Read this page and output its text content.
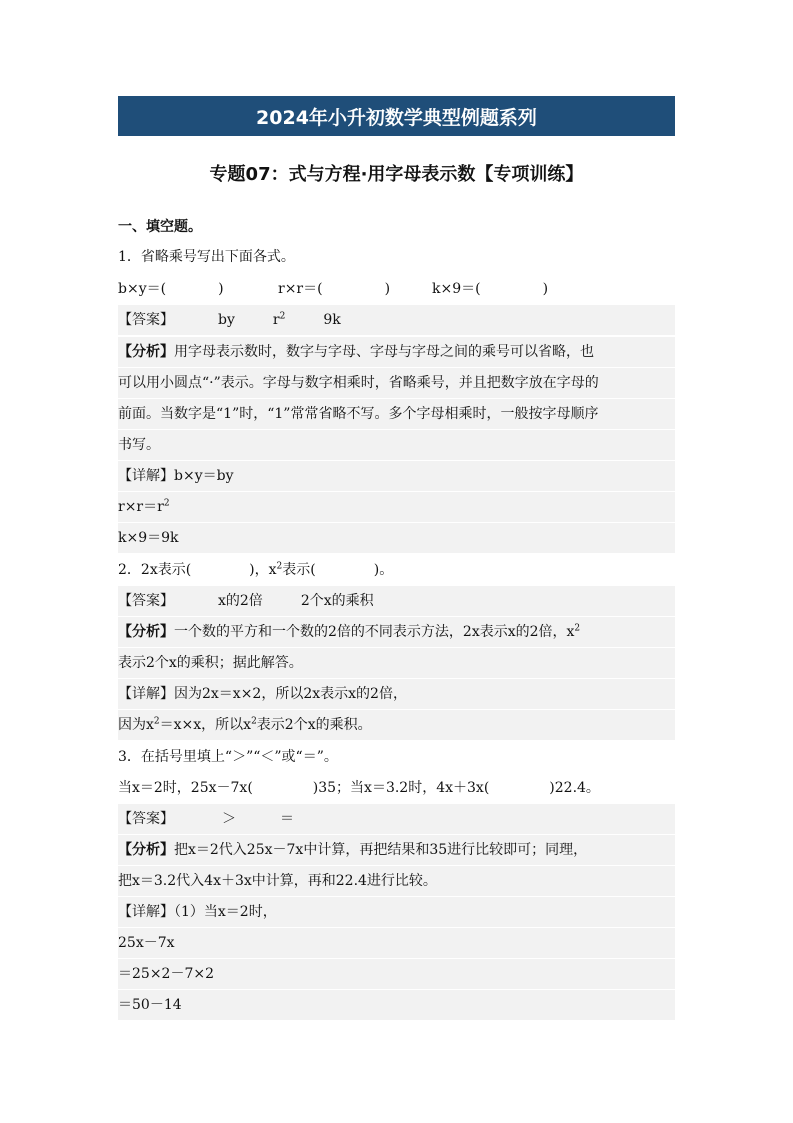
2024年小升初数学典型例题系列
专题07：式与方程·用字母表示数【专项训练】
一、填空题。
1．省略乘号写出下面各式。
b×y＝(	)	r×r＝(	)	k×9＝(	)
【答案】	by	$r^2$	9k
【分析】用字母表示数时，数字与字母、字母与字母之间的乘号可以省略，也
可以用小圆点“·”表示。字母与数字相乘时，省略乘号，并且把数字放在字母的
前面。当数字是“1”时，“1”常常省略不写。多个字母相乘时，一般按字母顺序
书写。
【详解】b×y＝by
$r\times r=r^2$
k×9＝9k
2．2x表示(	)，$x^2$表示(	)。
【答案】	x的2倍	2个x的乘积
【分析】一个数的平方和一个数的2倍的不同表示方法，2x表示x的2倍，$x^2$
表示2个x的乘积；据此解答。
【详解】因为2x＝x×2，所以2x表示x的2倍，
因为$x^2=x\times x$，所以$x^2$表示2个x的乘积。
3．在括号里填上“＞”“＜”或“＝”。
当x＝2时，25x－7x(	)35；当x＝3.2时，4x＋3x(	)22.4。
【答案】	＞	＝
【分析】把x＝2代入25x－7x中计算，再把结果和35进行比较即可；同理，
把x＝3.2代入4x＋3x中计算，再和22.4进行比较。
【详解】（1）当x＝2时，
25x－7x
＝25×2－7×2
＝50－14
